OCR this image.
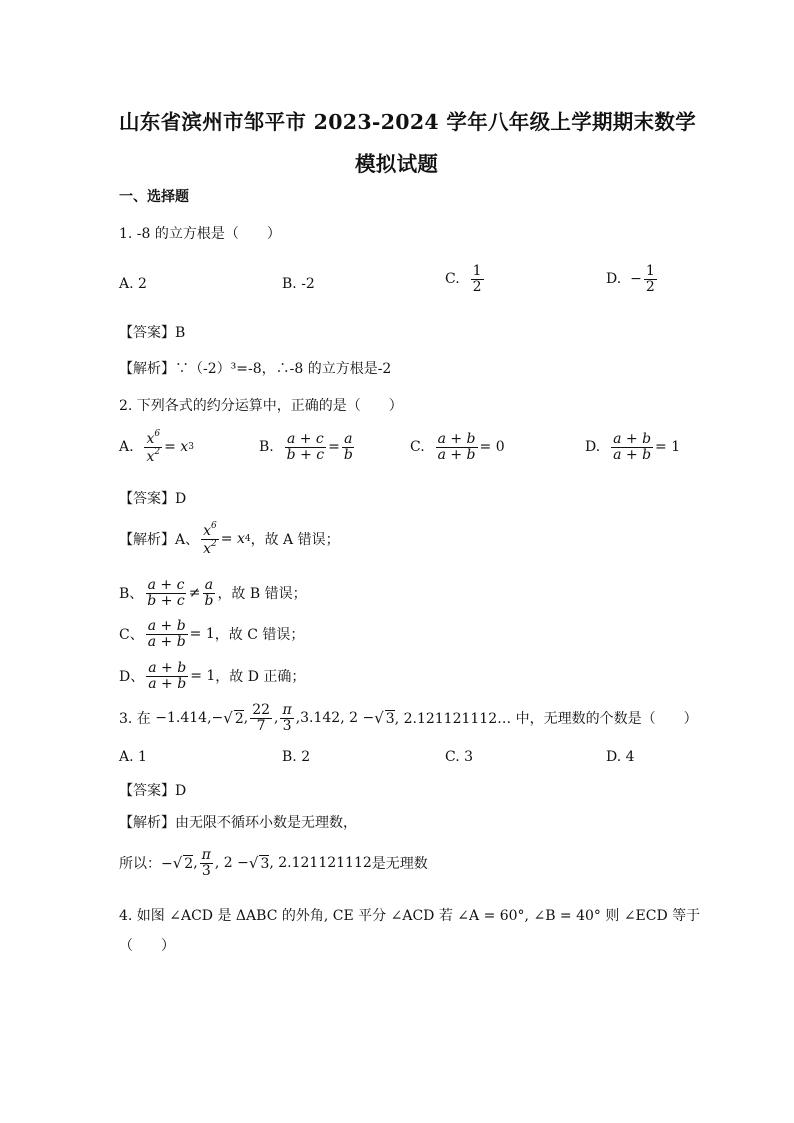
山东省滨州市邹平市 2023-2024 学年八年级上学期期末数学
模拟试题
一、选择题
1. -8 的立方根是（　　）
A. 2	B. -2	C.
$\frac{1}{2}$	D.
− $\frac{1}{2}$
【答案】B
【解析】∵（-2）³=-8，∴-8 的立方根是-2
2. 下列各式的约分运算中，正确的是（　　）
A.
$\frac{x^6}{x^2}$ =
x 3	B.
$\frac{a + c}{b + c} = \frac{a}{b}$	C.
$\frac{a + b}{a + b}$ =
0	D.
$\frac{a + b}{a + b}$ =
1
【答案】D
【解析】 A、 $\frac{x^6}{x^2}$ =
x 4 ，故 A 错误；
B、 $\frac{a + c}{b + c} \ne \frac{a}{b}$ ，故 B 错误；
C、 $\frac{a + b}{a + b}$ =
1 ，故 C 错误；
D、 $\frac{a + b}{a + b}$ =
1 ，故 D 正确；
3. 在
−1.414,− √ 2 , $\frac{22}{7}$ , $\frac{\pi}{3} ,3.142$, 2 − √ 3 , 2.121121112… 中，无理数的个数是（　　）
A. 1	B. 2	C. 3	D. 4
【答案】D
【解析】由无限不循环小数是无理数，
所以：− √ 2 , $\frac{\pi}{3}$ , 2 − √ 3 , 2.121121112 是无理数
4. 如图 ∠ACD 是 ΔABC 的外角, CE 平分 ∠ACD 若 ∠A = 60°, ∠B = 40° 则 ∠ECD 等于
（　　）
